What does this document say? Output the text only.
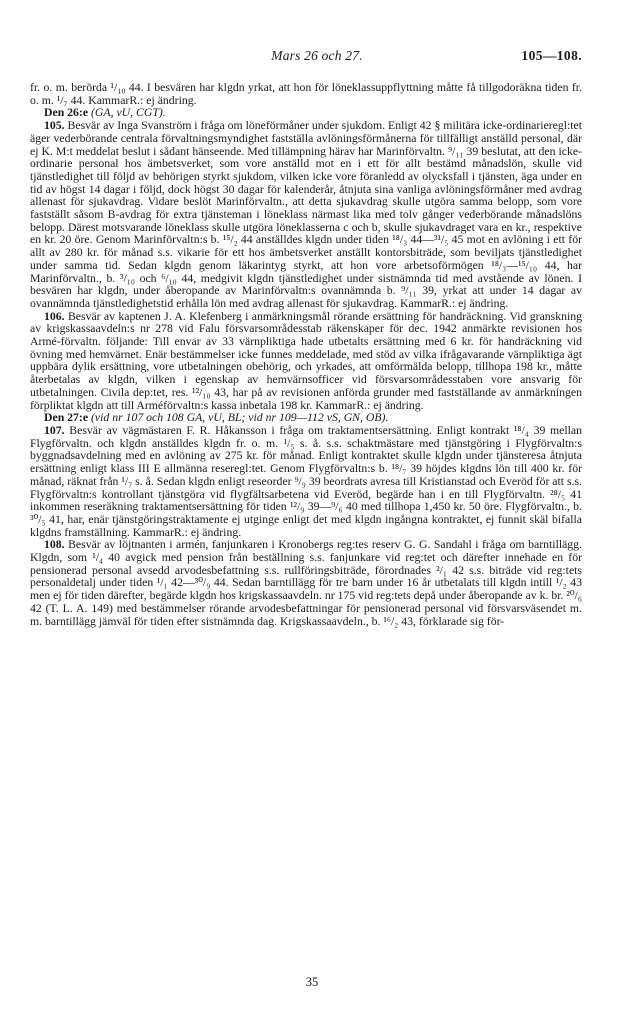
Mars 26 och 27.	105—108.

fr. o. m. berörda ¹/₁₀ 44. I besvären har klgdn yrkat, att hon för löneklassuppflyttning måtte få tillgodoräkna tiden fr. o. m. ¹/₇ 44. KammarR.: ej ändring.

Den 26:e (GA, vU, CGT).

105. Besvär av Inga Svanström i fråga om löneförmåner under sjukdom. Enligt 42 § militära icke-ordinarieregl:tet äger vederbörande centrala förvaltningsmyndighet fastställa avlöningsförmånerna för tillfälligt anställd personal, där ej K. M:t meddelat beslut i sådant hänseende. Med tillämpning härav har Marinförvaltn. ⁹/₁₁ 39 beslutat, att den icke-ordinarie personal hos ämbetsverket, som vore anställd mot en i ett för allt bestämd månadslön, skulle vid tjänstledighet till följd av behörigen styrkt sjukdom, vilken icke vore föranledd av olycksfall i tjänsten, äga under en tid av högst 14 dagar i följd, dock högst 30 dagar för kalenderår, åtnjuta sina vanliga avlöningsförmåner med avdrag allenast för sjukavdrag. Vidare beslöt Marinförvaltn., att detta sjukavdrag skulle utgöra samma belopp, som vore fastställt såsom B-avdrag för extra tjänsteman i löneklass närmast lika med tolv gånger vederbörande månadslöns belopp. Därest motsvarande löneklass skulle utgöra löneklasserna c och b, skulle sjukavdraget vara en kr., respektive en kr. 20 öre. Genom Marinförvaltn:s b. ¹⁵/₂ 44 anställdes klgdn under tiden ¹⁸/₃ 44—³¹/₅ 45 mot en avlöning i ett för allt av 280 kr. för månad s.s. vikarie för ett hos ämbetsverket anställt kontorsbiträde, som beviljats tjänstledighet under samma tid. Sedan klgdn genom läkarintyg styrkt, att hon vore arbetsoförmögen ¹⁸/₃—¹⁵/₁₀ 44, har Marinförvaltn., b. ³/₁₀ och ⁶/₁₀ 44, medgivit klgdn tjänstledighet under sistnämnda tid med avstående av lönen. I besvären har klgdn, under åberopande av Marinförvaltn:s ovannämnda b. ⁹/₁₁ 39, yrkat att under 14 dagar av ovannämnda tjänstledighetstid erhålla lön med avdrag allenast för sjukavdrag. KammarR.: ej ändring.

106. Besvär av kaptenen J. A. Klefenberg i anmärkningsmål rörande ersättning för handräckning. Vid granskning av krigskassaavdeln:s nr 278 vid Falu försvarsområdesstab räkenskaper för dec. 1942 anmärkte revisionen hos Armé-förvaltn. följande: Till envar av 33 värnpliktiga hade utbetalts ersättning med 6 kr. för handräckning vid övning med hemvärnet. Enär bestämmelser icke funnes meddelade, med stöd av vilka ifrågavarande värnpliktiga ägt uppbära dylik ersättning, vore utbetalningen obehörig, och yrkades, att omförmälda belopp, tillhopa 198 kr., måtte återbetalas av klgdn, vilken i egenskap av hemvärnsofficer vid försvarsområdesstaben vore ansvarig för utbetalningen. Civila dep:tet, res. ¹²/₁₀ 43, har på av revisionen anförda grunder med fastställande av anmärkningen förpliktat klgdn att till Arméförvaltn:s kassa inbetala 198 kr. KammarR.: ej ändring.

Den 27:e (vid nr 107 och 108 GA, vU, BL; vid nr 109—112 vS, GN, OB).

107. Besvär av vägmästaren F. R. Håkansson i fråga om traktamentsersättning. Enligt kontrakt ¹⁸/₄ 39 mellan Flygförvaltn. och klgdn anställdes klgdn fr. o. m. ¹/₅ s. å. s.s. schaktmästare med tjänstgöring i Flygförvaltn:s byggnadsavdelning med en avlöning av 275 kr. för månad. Enligt kontraktet skulle klgdn under tjänsteresa åtnjuta ersättning enligt klass III E allmänna reseregl:tet. Genom Flygförvaltn:s b. ¹⁸/₇ 39 höjdes klgdns lön till 400 kr. för månad, räknat från ¹/₇ s. å. Sedan klgdn enligt reseorder ⁹/₉ 39 beordrats avresa till Kristianstad och Everöd för att s.s. Flygförvaltn:s kontrollant tjänstgöra vid flygfältsarbetena vid Everöd, begärde han i en till Flygförvaltn. ²⁸/₅ 41 inkommen reseräkning traktamentsersättning för tiden ¹²/₉ 39—⁹/₆ 40 med tillhopa 1,450 kr. 50 öre. Flygförvaltn., b. ³⁰/₅ 41, har, enär tjänstgöringstraktamente ej utginge enligt det med klgdn ingångna kontraktet, ej funnit skäl bifalla klgdns framställning. KammarR.: ej ändring.

108. Besvär av löjtnanten i armén, fanjunkaren i Kronobergs reg:tes reserv G. G. Sandahl i fråga om barntillägg. Klgdn, som ¹/₄ 40 avgick med pension från beställning s.s. fanjunkare vid reg:tet och därefter innehade en för pensionerad personal avsedd arvodesbefattning s.s. rullföringsbiträde, förordnades ²/₁ 42 s.s. biträde vid reg:tets personaldetalj under tiden ¹/₁ 42—³⁰/₉ 44. Sedan barntillägg för tre barn under 16 år utbetalats till klgdn intill ¹/₂ 43 men ej för tiden därefter, begärde klgdn hos krigskassaavdeln. nr 175 vid reg:tets depå under åberopande av k. br. ²⁰/₆ 42 (T. L. A. 149) med bestämmelser rörande arvodesbefattningar för pensionerad personal vid försvarsväsendet m. m. barntillägg jämväl för tiden efter sistnämnda dag. Krigskassaavdeln., b. ¹⁶/₂ 43, förklarade sig för-

35
